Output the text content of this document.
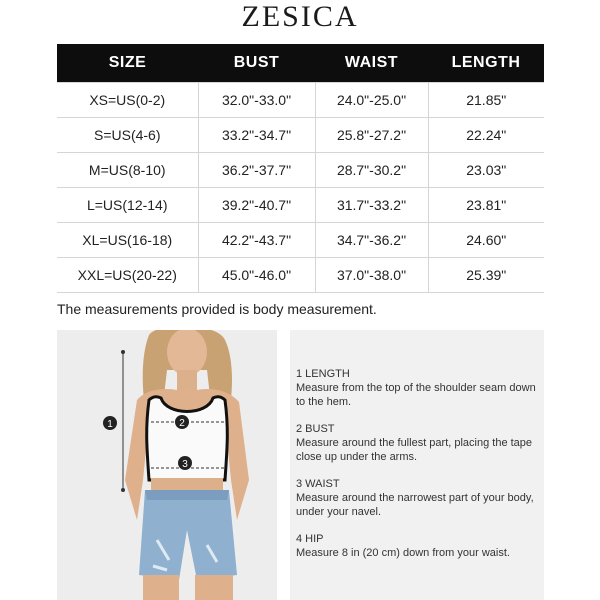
ZESICA
SIZE	BUST	WAIST	LENGTH
XS=US(0-2)	32.0"-33.0"	24.0"-25.0"	21.85"
S=US(4-6)	33.2"-34.7"	25.8"-27.2"	22.24"
M=US(8-10)	36.2"-37.7"	28.7"-30.2"	23.03"
L=US(12-14)	39.2"-40.7"	31.7"-33.2"	23.81"
XL=US(16-18)	42.2"-43.7"	34.7"-36.2"	24.60"
XXL=US(20-22)	45.0"-46.0"	37.0"-38.0"	25.39"
The measurements provided is body measurement.
1	2
3
1 LENGTH
Measure from the top of the shoulder seam down to the hem.
2 BUST
Measure around the fullest part, placing the tape close up under the arms.
3 WAIST
Measure around the narrowest part of your body, under your navel.
4 HIP
Measure 8 in (20 cm) down from your waist.
